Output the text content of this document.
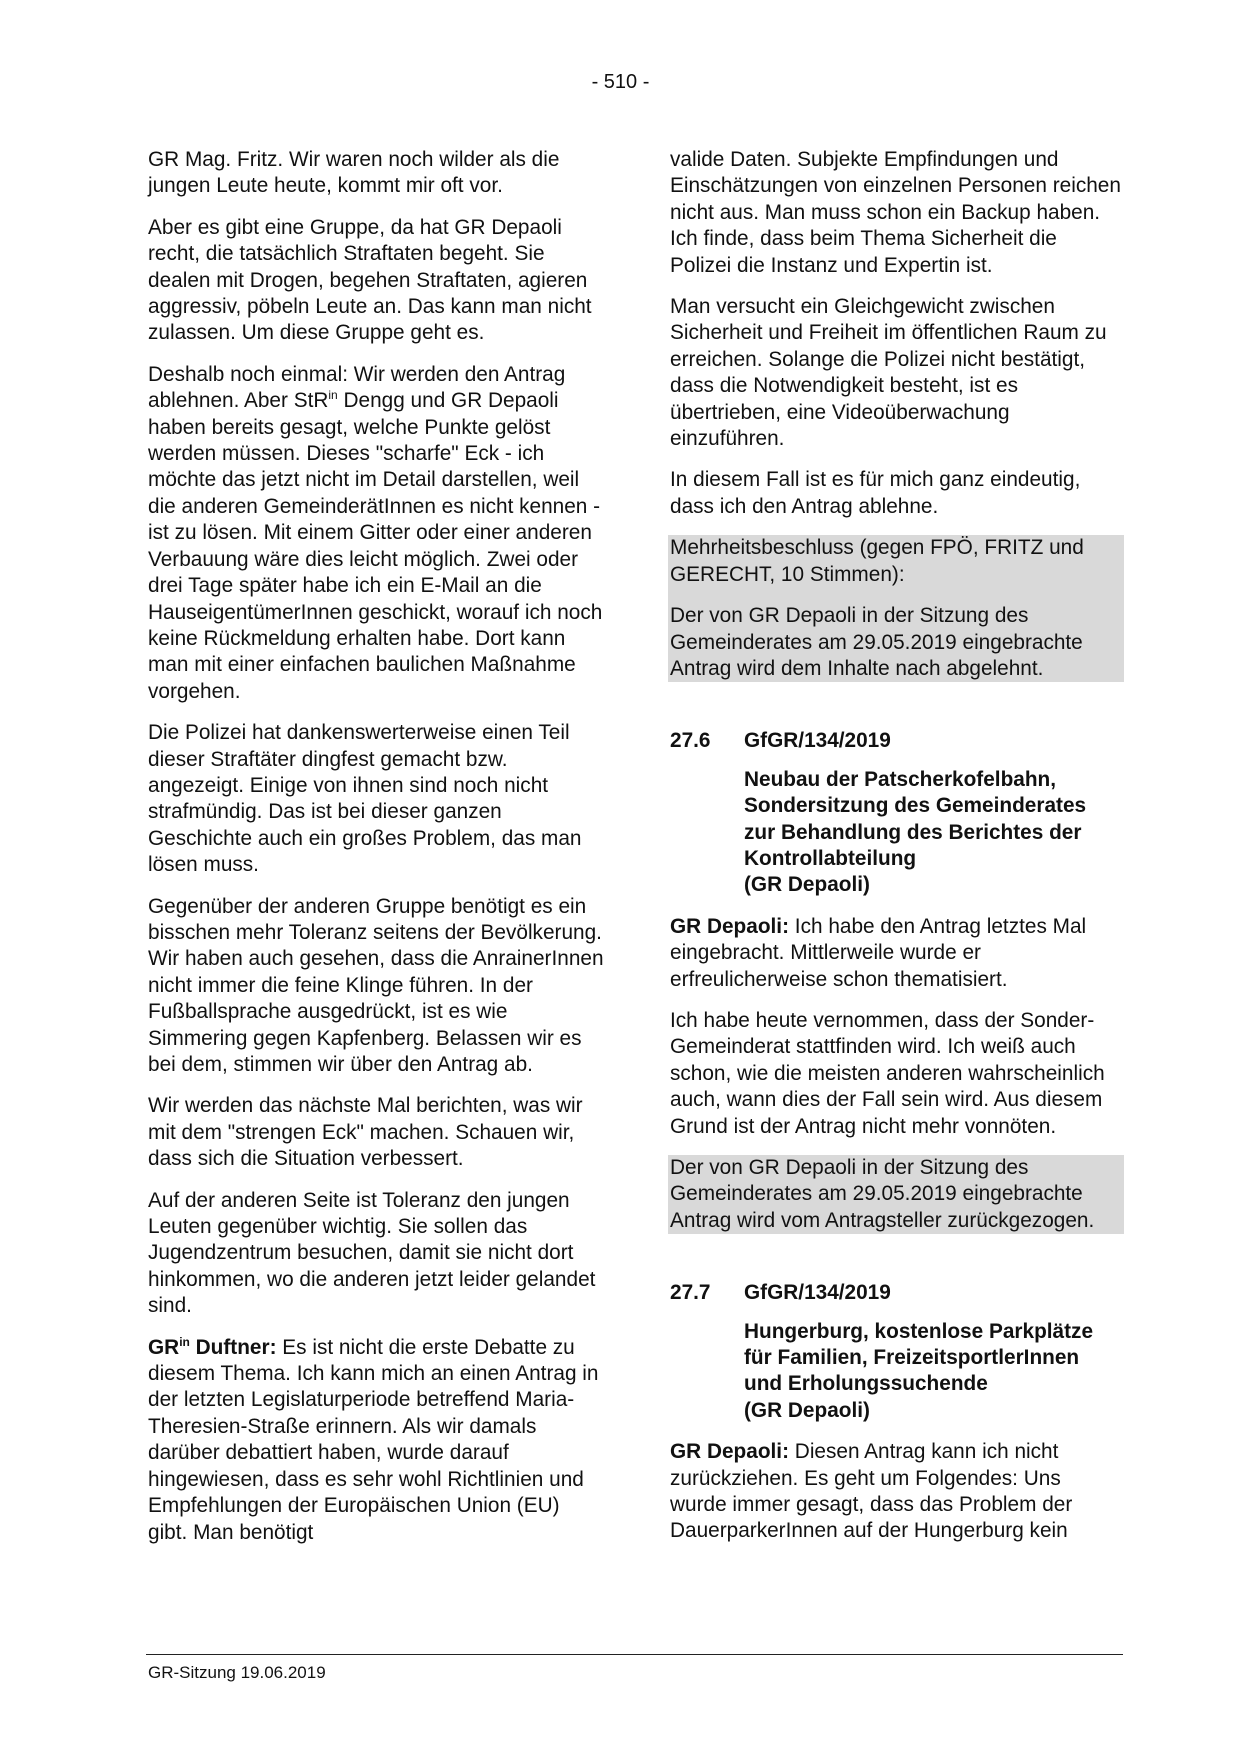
- 510 -

GR Mag. Fritz. Wir waren noch wilder als die jungen Leute heute, kommt mir oft vor.

Aber es gibt eine Gruppe, da hat GR Depaoli recht, die tatsächlich Straftaten begeht. Sie dealen mit Drogen, begehen Straftaten, agieren aggressiv, pöbeln Leute an. Das kann man nicht zulassen. Um diese Gruppe geht es.

Deshalb noch einmal: Wir werden den Antrag ablehnen. Aber StR$^{in}$ Dengg und GR Depaoli haben bereits gesagt, welche Punkte gelöst werden müssen. Dieses "scharfe" Eck - ich möchte das jetzt nicht im Detail darstellen, weil die anderen GemeinderätInnen es nicht kennen - ist zu lösen. Mit einem Gitter oder einer anderen Verbauung wäre dies leicht möglich. Zwei oder drei Tage später habe ich ein E-Mail an die HauseigentümerInnen geschickt, worauf ich noch keine Rückmeldung erhalten habe. Dort kann man mit einer einfachen baulichen Maßnahme vorgehen.

Die Polizei hat dankenswerterweise einen Teil dieser Straftäter dingfest gemacht bzw. angezeigt. Einige von ihnen sind noch nicht strafmündig. Das ist bei dieser ganzen Geschichte auch ein großes Problem, das man lösen muss.

Gegenüber der anderen Gruppe benötigt es ein bisschen mehr Toleranz seitens der Bevölkerung. Wir haben auch gesehen, dass die AnrainerInnen nicht immer die feine Klinge führen. In der Fußballsprache ausgedrückt, ist es wie Simmering gegen Kapfenberg. Belassen wir es bei dem, stimmen wir über den Antrag ab.

Wir werden das nächste Mal berichten, was wir mit dem "strengen Eck" machen. Schauen wir, dass sich die Situation verbessert.

Auf der anderen Seite ist Toleranz den jungen Leuten gegenüber wichtig. Sie sollen das Jugendzentrum besuchen, damit sie nicht dort hinkommen, wo die anderen jetzt leider gelandet sind.

$GR^{in}$ Duftner: Es ist nicht die erste Debatte zu diesem Thema. Ich kann mich an einen Antrag in der letzten Legislaturperiode betreffend Maria-Theresien-Straße erinnern. Als wir damals darüber debattiert haben, wurde darauf hingewiesen, dass es sehr wohl Richtlinien und Empfehlungen der Europäischen Union (EU) gibt. Man benötigt

valide Daten. Subjekte Empfindungen und Einschätzungen von einzelnen Personen reichen nicht aus. Man muss schon ein Backup haben. Ich finde, dass beim Thema Sicherheit die Polizei die Instanz und Expertin ist.

Man versucht ein Gleichgewicht zwischen Sicherheit und Freiheit im öffentlichen Raum zu erreichen. Solange die Polizei nicht bestätigt, dass die Notwendigkeit besteht, ist es übertrieben, eine Videoüberwachung einzuführen.

In diesem Fall ist es für mich ganz eindeutig, dass ich den Antrag ablehne.

Mehrheitsbeschluss (gegen FPÖ, FRITZ und GERECHT, 10 Stimmen):

Der von GR Depaoli in der Sitzung des Gemeinderates am 29.05.2019 eingebrachte Antrag wird dem Inhalte nach abgelehnt.

27.6 GfGR/134/2019
Neubau der Patscherkofelbahn,
Sondersitzung des Gemeinderates zur Behandlung des Berichtes der Kontrollabteilung
(GR Depaoli)

GR Depaoli: Ich habe den Antrag letztes Mal eingebracht. Mittlerweile wurde er erfreulicherweise schon thematisiert.

Ich habe heute vernommen, dass der Sonder-Gemeinderat stattfinden wird. Ich weiß auch schon, wie die meisten anderen wahrscheinlich auch, wann dies der Fall sein wird. Aus diesem Grund ist der Antrag nicht mehr vonnöten.

Der von GR Depaoli in der Sitzung des Gemeinderates am 29.05.2019 eingebrachte Antrag wird vom Antragsteller zurückgezogen.

27.7 GfGR/134/2019
Hungerburg, kostenlose Parkplätze für Familien, FreizeitsportlerInnen und Erholungssuchende
(GR Depaoli)

GR Depaoli: Diesen Antrag kann ich nicht zurückziehen. Es geht um Folgendes: Uns wurde immer gesagt, dass das Problem der DauerparkerInnen auf der Hungerburg kein

GR-Sitzung 19.06.2019
